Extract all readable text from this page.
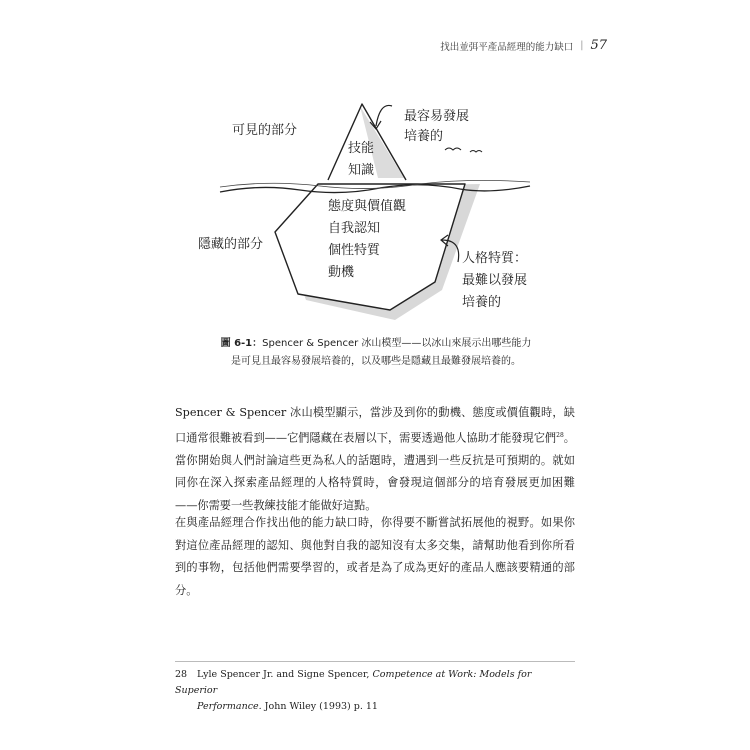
找出並弭平產品經理的能力缺口 | 57
可見的部分
隱藏的部分
最容易發展
培養的
人格特質：
最難以發展
培養的
技能
知識
態度與價值觀
自我認知
個性特質
動機
圖 6-1：Spencer & Spencer 冰山模型——以冰山來展示出哪些能力
是可見且最容易發展培養的，以及哪些是隱藏且最難發展培養的。
Spencer & Spencer 冰山模型顯示，當涉及到你的動機、態度或價值觀時，缺口通常很難被看到——它們隱藏在表層以下，需要透過他人協助才能發現它們$^{28}$。當你開始與人們討論這些更為私人的話題時，遭遇到一些反抗是可預期的。就如同你在深入探索產品經理的人格特質時，會發現這個部分的培育發展更加困難——你需要一些教練技能才能做好這點。
在與產品經理合作找出他的能力缺口時，你得要不斷嘗試拓展他的視野。如果你對這位產品經理的認知、與他對自我的認知沒有太多交集，請幫助他看到你所看到的事物，包括他們需要學習的，或者是為了成為更好的產品人應該要精通的部分。
28 Lyle Spencer Jr. and Signe Spencer, Competence at Work: Models for Superior
Performance. John Wiley (1993) p. 11
